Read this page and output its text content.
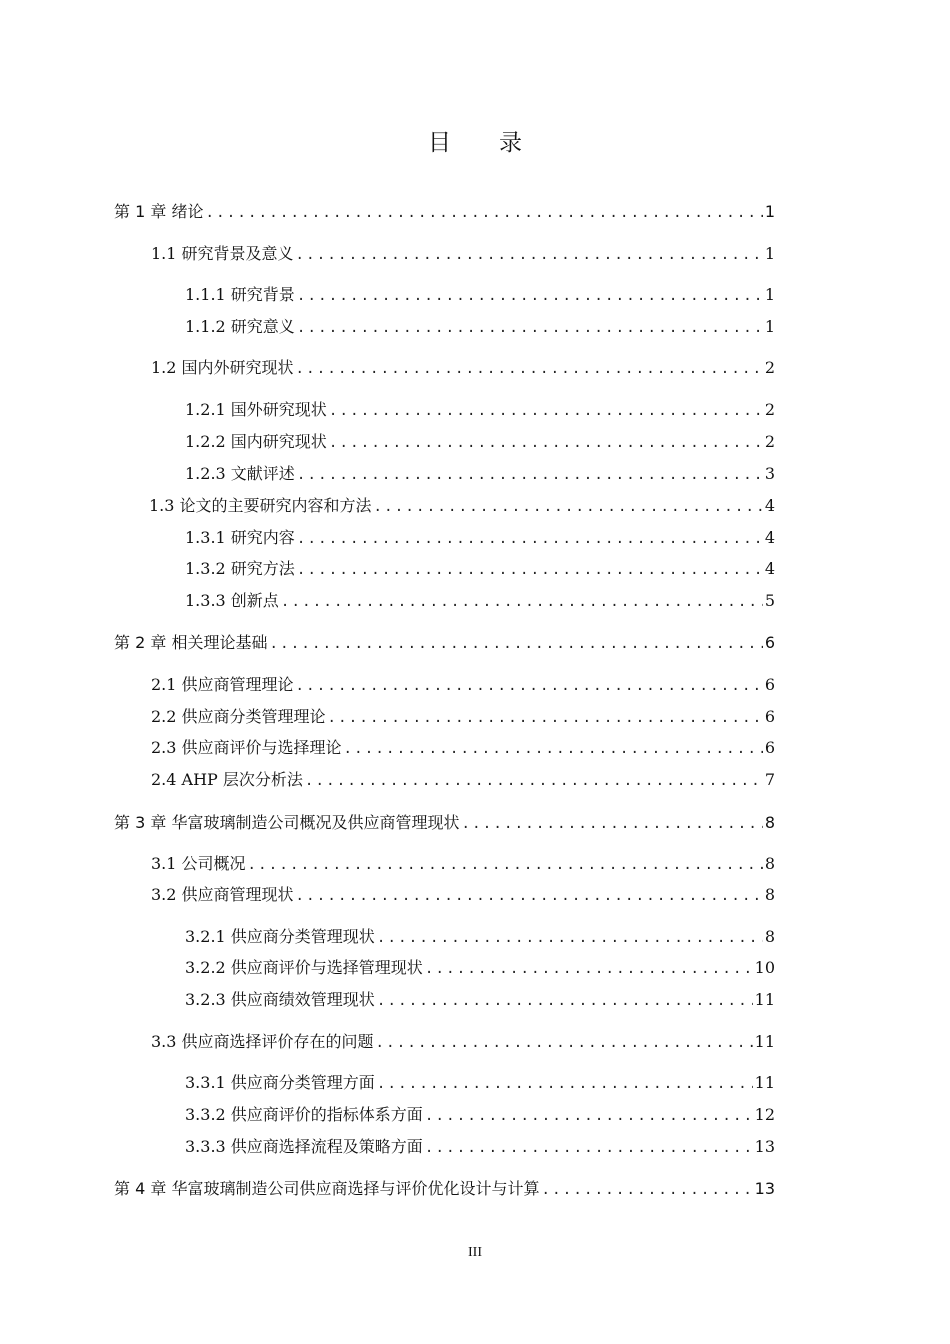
目 录
第 1 章 绪论 .....	1
1.1 研究背景及意义 .....	1
1.1.1 研究背景 .....	1
1.1.2 研究意义 .....	1
1.2 国内外研究现状 .....	2
1.2.1 国外研究现状 .....	2
1.2.2 国内研究现状 .....	2
1.2.3 文献评述 .....	3
1.3 论文的主要研究内容和方法 .....	4
1.3.1 研究内容 .....	4
1.3.2 研究方法 .....	4
1.3.3 创新点 .....	5
第 2 章 相关理论基础 .....	6
2.1 供应商管理理论 .....	6
2.2 供应商分类管理理论 .....	6
2.3 供应商评价与选择理论 .....	6
2.4 AHP 层次分析法 .....	7
第 3 章 华富玻璃制造公司概况及供应商管理现状 .....	8
3.1 公司概况 .....	8
3.2 供应商管理现状 .....	8
3.2.1 供应商分类管理现状 .....	8
3.2.2 供应商评价与选择管理现状 .....	10
3.2.3 供应商绩效管理现状 .....	11
3.3 供应商选择评价存在的问题 .....	11
3.3.1 供应商分类管理方面 .....	11
3.3.2 供应商评价的指标体系方面 .....	12
3.3.3 供应商选择流程及策略方面 .....	13
第 4 章 华富玻璃制造公司供应商选择与评价优化设计与计算 .....	13
III
